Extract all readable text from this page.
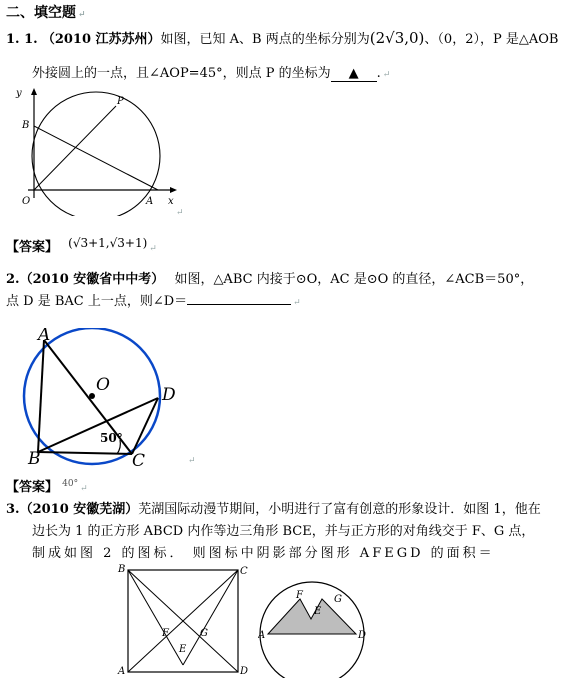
二、填空题 ↵
1. 1. （2010 江苏苏州）如图，已知 A、B 两点的坐标分别为(2√3,0)、（0，2），P 是△AOB
外接圆上的一点，且∠AOP=45°，则点 P 的坐标为 ▲ . ↵
y
P
B
O	A x
↵
【答案】 (√3+1,√3+1) ↵
2.（2010 安徽省中中考） 如图，△ABC 内接于⊙O，AC 是⊙O 的直径，∠ACB＝50°，
点 D 是 BAC 上一点，则∠D＝	↵
A
O	D
50°
B	C	↵
【答案】 $^{40^\circ}$ ↵
3.（2010 安徽芜湖）芜湖国际动漫节期间，小明进行了富有创意的形象设计．如图 1，他在
边长为 1 的正方形 ABCD 内作等边三角形 BCE，并与正方形的对角线交于 F、G 点，
制成如图 2 的图标． 则图标中阴影部分图形 AFEGD 的面积＝
B	C
F	G
E
A	D
F
E
G
A	D
